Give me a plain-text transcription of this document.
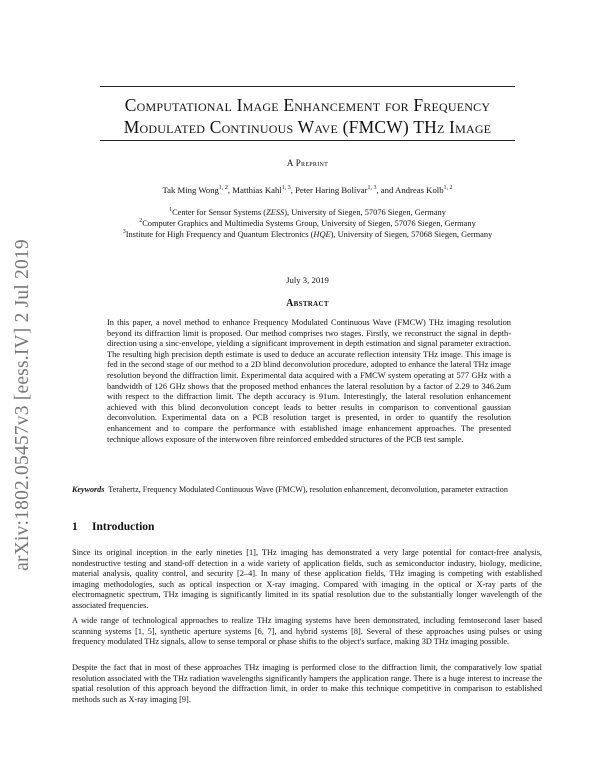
arXiv:1802.05457v3 [eess.IV] 2 Jul 2019
Computational Image Enhancement for Frequency
Modulated Continuous Wave (FMCW) THz Image
A Preprint
Tak Ming Wong$^{1, 2}$, Matthias Kahl$^{1, 3}$, Peter Haring Bolívar$^{1, 3}$, and Andreas Kolb$^{1, 2}$
$^1$Center for Sensor Systems (ZESS), University of Siegen, 57076 Siegen, Germany
$^2$Computer Graphics and Multimedia Systems Group, University of Siegen, 57076 Siegen, Germany
$^3$Institute for High Frequency and Quantum Electronics (HQE), University of Siegen, 57068 Siegen, Germany
July 3, 2019
Abstract
In this paper, a novel method to enhance Frequency Modulated Continuous Wave (FMCW) THz imaging resolution beyond its diffraction limit is proposed. Our method comprises two stages. Firstly, we reconstruct the signal in depth-direction using a sinc-envelope, yielding a significant improvement in depth estimation and signal parameter extraction. The resulting high precision depth estimate is used to deduce an accurate reflection intensity THz image. This image is fed in the second stage of our method to a 2D blind deconvolution procedure, adopted to enhance the lateral THz image resolution beyond the diffraction limit. Experimental data acquired with a FMCW system operating at 577 GHz with a bandwidth of 126 GHz shows that the proposed method enhances the lateral resolution by a factor of 2.29 to 346.2um with respect to the diffraction limit. The depth accuracy is 91um. Interestingly, the lateral resolution enhancement achieved with this blind deconvolution concept leads to better results in comparison to conventional gaussian deconvolution. Experimental data on a PCB resolution target is presented, in order to quantify the resolution enhancement and to compare the performance with established image enhancement approaches. The presented technique allows exposure of the interwoven fibre reinforced embedded structures of the PCB test sample.
Keywords Terahertz, Frequency Modulated Continuous Wave (FMCW), resolution enhancement, deconvolution, parameter extraction
1 Introduction
Since its original inception in the early nineties [1], THz imaging has demonstrated a very large potential for contact-free analysis, nondestructive testing and stand-off detection in a wide variety of application fields, such as semiconductor industry, biology, medicine, material analysis, quality control, and security [2–4]. In many of these application fields, THz imaging is competing with established imaging methodologies, such as optical inspection or X-ray imaging. Compared with imaging in the optical or X-ray parts of the electromagnetic spectrum, THz imaging is significantly limited in its spatial resolution due to the substantially longer wavelength of the associated frequencies.
A wide range of technological approaches to realize THz imaging systems have been demonstrated, including femtosecond laser based scanning systems [1, 5], synthetic aperture systems [6, 7], and hybrid systems [8]. Several of these approaches using pulses or using frequency modulated THz signals, allow to sense temporal or phase shifts to the object's surface, making 3D THz imaging possible.
Despite the fact that in most of these approaches THz imaging is performed close to the diffraction limit, the comparatively low spatial resolution associated with the THz radiation wavelengths significantly hampers the application range. There is a huge interest to increase the spatial resolution of this approach beyond the diffraction limit, in order to make this technique competitive in comparison to established methods such as X-ray imaging [9].
